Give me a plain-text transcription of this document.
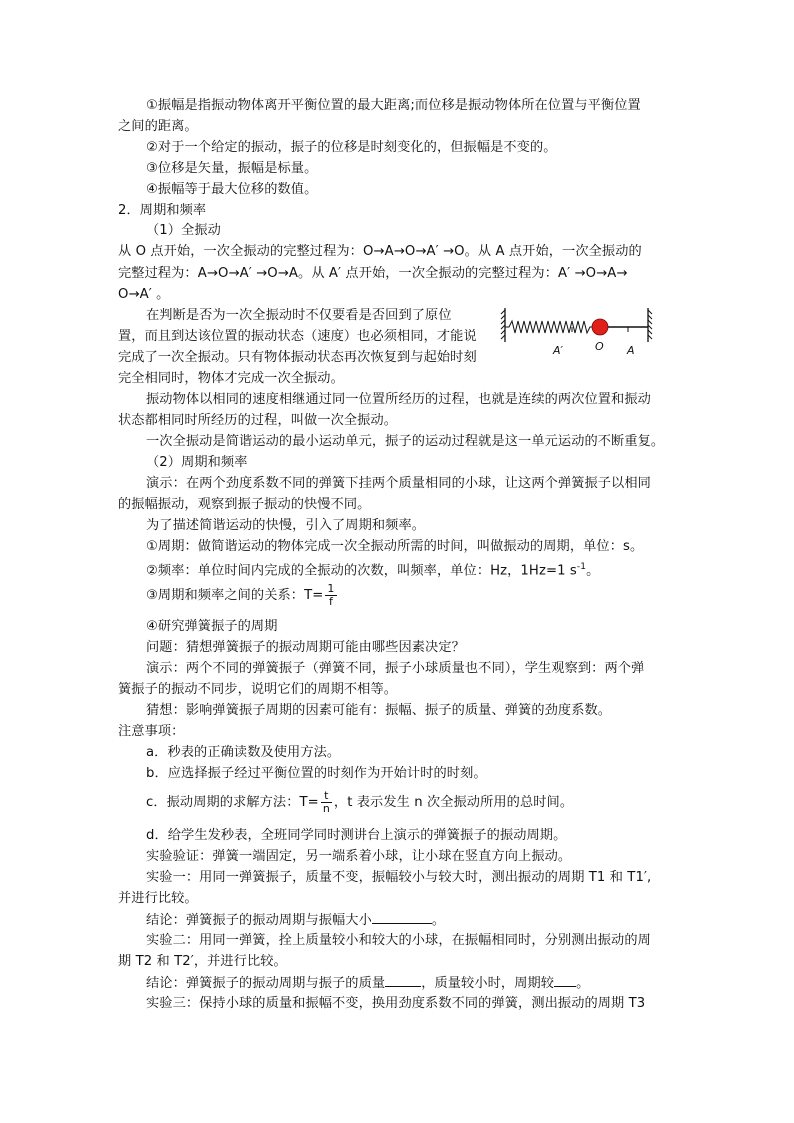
①振幅是指振动物体离开平衡位置的最大距离;而位移是振动物体所在位置与平衡位置
之间的距离。
②对于一个给定的振动，振子的位移是时刻变化的，但振幅是不变的。
③位移是矢量，振幅是标量。
④振幅等于最大位移的数值。
2．周期和频率
（1）全振动
从 O 点开始，一次全振动的完整过程为：O→A→O→A′ →O。从 A 点开始，一次全振动的
完整过程为：A→O→A′ →O→A。从 A′ 点开始，一次全振动的完整过程为：A′ →O→A→
O→A′ 。
在判断是否为一次全振动时不仅要看是否回到了原位
置，而且到达该位置的振动状态（速度）也必须相同，才能说
完成了一次全振动。只有物体振动状态再次恢复到与起始时刻
完全相同时，物体才完成一次全振动。
A′	O A
振动物体以相同的速度相继通过同一位置所经历的过程，也就是连续的两次位置和振动
状态都相同时所经历的过程，叫做一次全振动。
一次全振动是简谐运动的最小运动单元，振子的运动过程就是这一单元运动的不断重复。
（2）周期和频率
演示：在两个劲度系数不同的弹簧下挂两个质量相同的小球，让这两个弹簧振子以相同
的振幅振动，观察到振子振动的快慢不同。
为了描述简谐运动的快慢，引入了周期和频率。
①周期：做简谐运动的物体完成一次全振动所需的时间，叫做振动的周期，单位：s。
②频率：单位时间内完成的全振动的次数，叫频率，单位：Hz，1Hz=1 $s^{-1}$。
③周期和频率之间的关系：$T= \frac{1}{f}$
④研究弹簧振子的周期
问题：猜想弹簧振子的振动周期可能由哪些因素决定？
演示：两个不同的弹簧振子（弹簧不同，振子小球质量也不同），学生观察到：两个弹
簧振子的振动不同步，说明它们的周期不相等。
猜想：影响弹簧振子周期的因素可能有：振幅、振子的质量、弹簧的劲度系数。
注意事项：
a．秒表的正确读数及使用方法。
b．应选择振子经过平衡位置的时刻作为开始计时的时刻。
c．振动周期的求解方法：$T= \frac{t}{n}$ ，t 表示发生 n 次全振动所用的总时间。
d．给学生发秒表，全班同学同时测讲台上演示的弹簧振子的振动周期。
实验验证：弹簧一端固定，另一端系着小球，让小球在竖直方向上振动。
实验一：用同一弹簧振子，质量不变，振幅较小与较大时，测出振动的周期 T1 和 T1′,
并进行比较。
结论：弹簧振子的振动周期与振幅大小	。
实验二：用同一弹簧，拴上质量较小和较大的小球，在振幅相同时，分别测出振动的周
期 T2 和 T2′，并进行比较。
结论：弹簧振子的振动周期与振子的质量	，质量较小时，周期较 。
实验三：保持小球的质量和振幅不变，换用劲度系数不同的弹簧，测出振动的周期 T3
